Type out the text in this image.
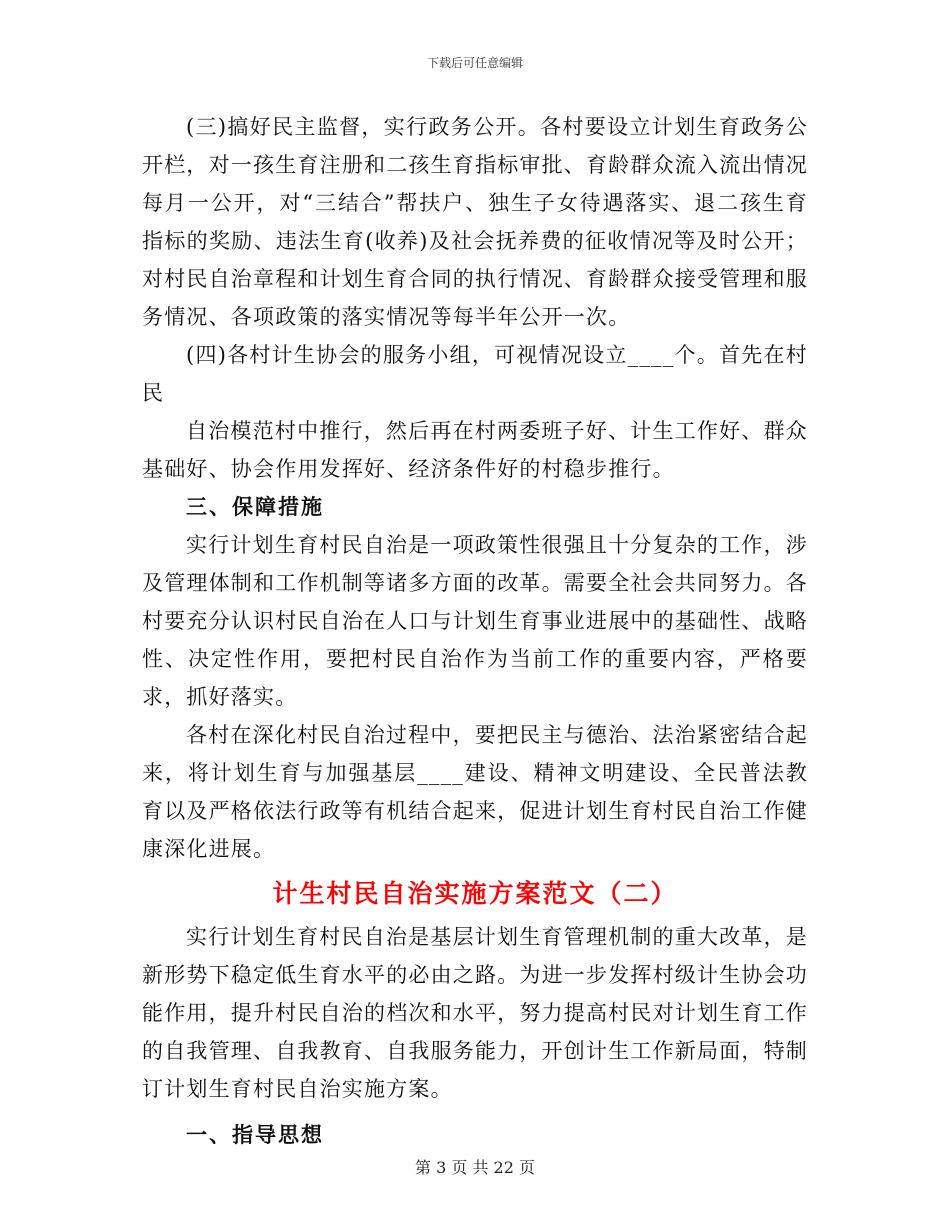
下载后可任意编辑

(三)搞好民主监督，实行政务公开。各村要设立计划生育政务公开栏，对一孩生育注册和二孩生育指标审批、育龄群众流入流出情况每月一公开，对“三结合”帮扶户、独生子女待遇落实、退二孩生育指标的奖励、违法生育(收养)及社会抚养费的征收情况等及时公开；对村民自治章程和计划生育合同的执行情况、育龄群众接受管理和服务情况、各项政策的落实情况等每半年公开一次。

(四)各村计生协会的服务小组，可视情况设立____个。首先在村民

自治模范村中推行，然后再在村两委班子好、计生工作好、群众基础好、协会作用发挥好、经济条件好的村稳步推行。

三、保障措施

实行计划生育村民自治是一项政策性很强且十分复杂的工作，涉及管理体制和工作机制等诸多方面的改革。需要全社会共同努力。各村要充分认识村民自治在人口与计划生育事业进展中的基础性、战略性、决定性作用，要把村民自治作为当前工作的重要内容，严格要求，抓好落实。

各村在深化村民自治过程中，要把民主与德治、法治紧密结合起来，将计划生育与加强基层____建设、精神文明建设、全民普法教育以及严格依法行政等有机结合起来，促进计划生育村民自治工作健康深化进展。

计生村民自治实施方案范文（二）

实行计划生育村民自治是基层计划生育管理机制的重大改革，是新形势下稳定低生育水平的必由之路。为进一步发挥村级计生协会功能作用，提升村民自治的档次和水平，努力提高村民对计划生育工作的自我管理、自我教育、自我服务能力，开创计生工作新局面，特制订计划生育村民自治实施方案。

一、指导思想

第 3 页 共 22 页
